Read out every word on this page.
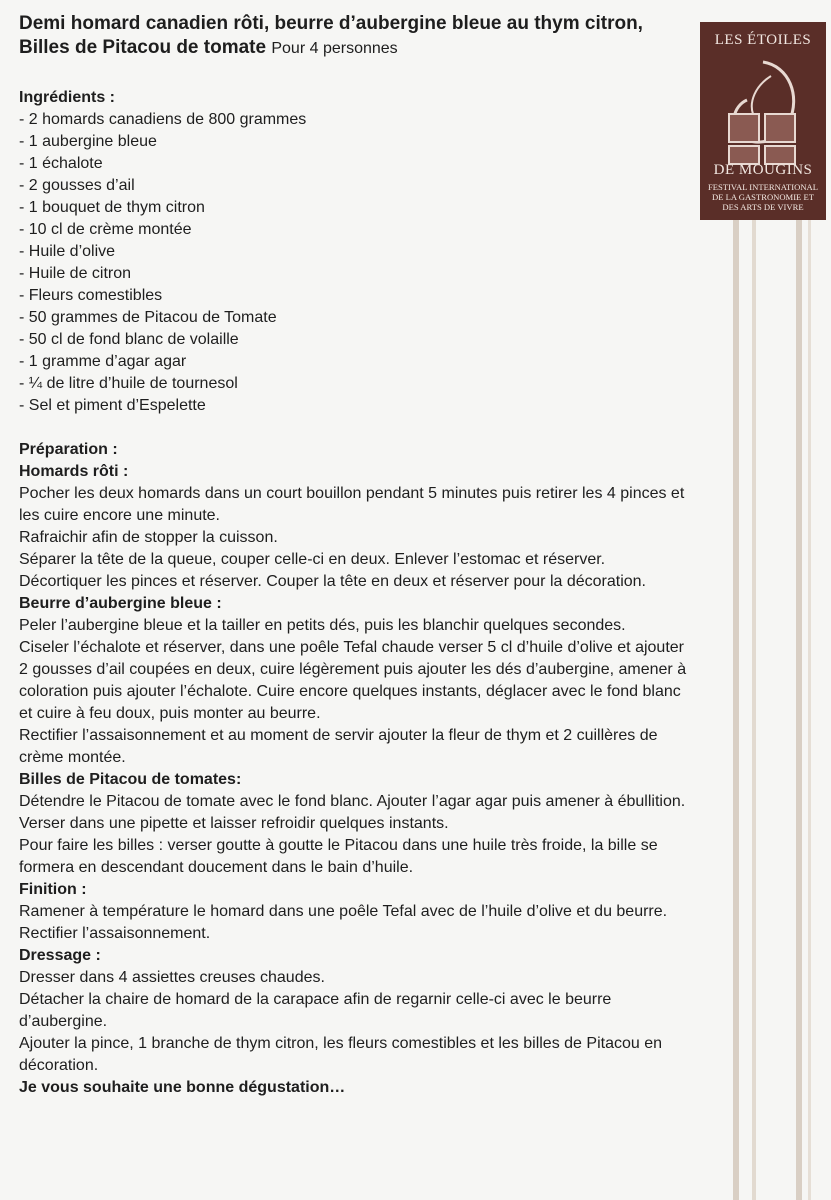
LES ÉTOILES
DE MOUGINS
FESTIVAL INTERNATIONAL DE LA GASTRONOMIE ET DES ARTS DE VIVRE
Demi homard canadien rôti, beurre d’aubergine bleue au thym citron, Billes de Pitacou de tomate Pour 4 personnes
Ingrédients :
- 2 homards canadiens de 800 grammes
- 1 aubergine bleue
- 1 échalote
- 2 gousses d’ail
- 1 bouquet de thym citron
- 10 cl de crème montée
- Huile d’olive
- Huile de citron
- Fleurs comestibles
- 50 grammes de Pitacou de Tomate
- 50 cl de fond blanc de volaille
- 1 gramme d’agar agar
- ¼ de litre d’huile de tournesol
- Sel et piment d’Espelette
Préparation :
Homards rôti :

Pocher les deux homards dans un court bouillon pendant 5 minutes puis retirer les 4 pinces et les cuire encore une minute.

Rafraichir afin de stopper la cuisson.

Séparer la tête de la queue, couper celle-ci en deux. Enlever l’estomac et réserver. Décortiquer les pinces et réserver. Couper la tête en deux et réserver pour la décoration.

Beurre d’aubergine bleue :

Peler l’aubergine bleue et la tailler en petits dés, puis les blanchir quelques secondes.

Ciseler l’échalote et réserver, dans une poêle Tefal chaude verser 5 cl d’huile d’olive et ajouter 2 gousses d’ail coupées en deux, cuire légèrement puis ajouter les dés d’aubergine, amener à coloration puis ajouter l’échalote. Cuire encore quelques instants, déglacer avec le fond blanc et cuire à feu doux, puis monter au beurre.

Rectifier l’assaisonnement et au moment de servir ajouter la fleur de thym et 2 cuillères de crème montée.

Billes de Pitacou de tomates:

Détendre le Pitacou de tomate avec le fond blanc. Ajouter l’agar agar puis amener à ébullition.

Verser dans une pipette et laisser refroidir quelques instants.

Pour faire les billes : verser goutte à goutte le Pitacou dans une huile très froide, la bille se formera en descendant doucement dans le bain d’huile.

Finition :

Ramener à température le homard dans une poêle Tefal avec de l’huile d’olive et du beurre. Rectifier l’assaisonnement.

Dressage :

Dresser dans 4 assiettes creuses chaudes.

Détacher la chaire de homard de la carapace afin de regarnir celle-ci avec le beurre d’aubergine.

Ajouter la pince, 1 branche de thym citron, les fleurs comestibles et les billes de Pitacou en décoration.

Je vous souhaite une bonne dégustation…
